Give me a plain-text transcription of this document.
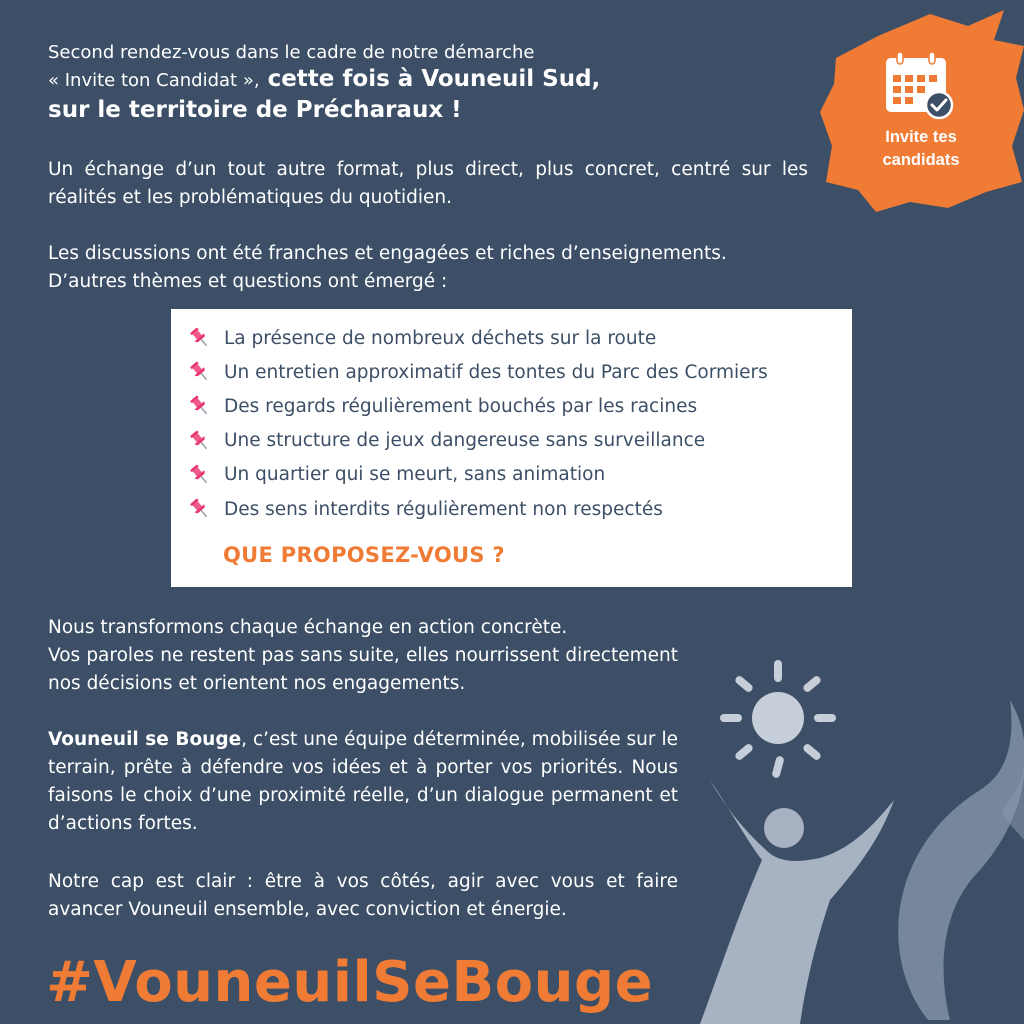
Second rendez-vous dans le cadre de notre démarche
« Invite ton Candidat », cette fois à Vouneuil Sud,
sur le territoire de Précharaux !
Un échange d’un tout autre format, plus direct, plus concret, centré sur les réalités et les problématiques du quotidien.
Les discussions ont été franches et engagées et riches d’enseignements.
D’autres thèmes et questions ont émergé :
La présence de nombreux déchets sur la route
Un entretien approximatif des tontes du Parc des Cormiers
Des regards régulièrement bouchés par les racines
Une structure de jeux dangereuse sans surveillance
Un quartier qui se meurt, sans animation
Des sens interdits régulièrement non respectés
QUE PROPOSEZ-VOUS ?
Nous transformons chaque échange en action concrète.
Vos paroles ne restent pas sans suite, elles nourrissent directement nos décisions et orientent nos engagements.
Vouneuil se Bouge, c’est une équipe déterminée, mobilisée sur le terrain, prête à défendre vos idées et à porter vos priorités. Nous faisons le choix d’une proximité réelle, d’un dialogue permanent et d’actions fortes.
Notre cap est clair : être à vos côtés, agir avec vous et faire avancer Vouneuil ensemble, avec conviction et énergie.
#VouneuilSeBouge
Invite tes
candidats
